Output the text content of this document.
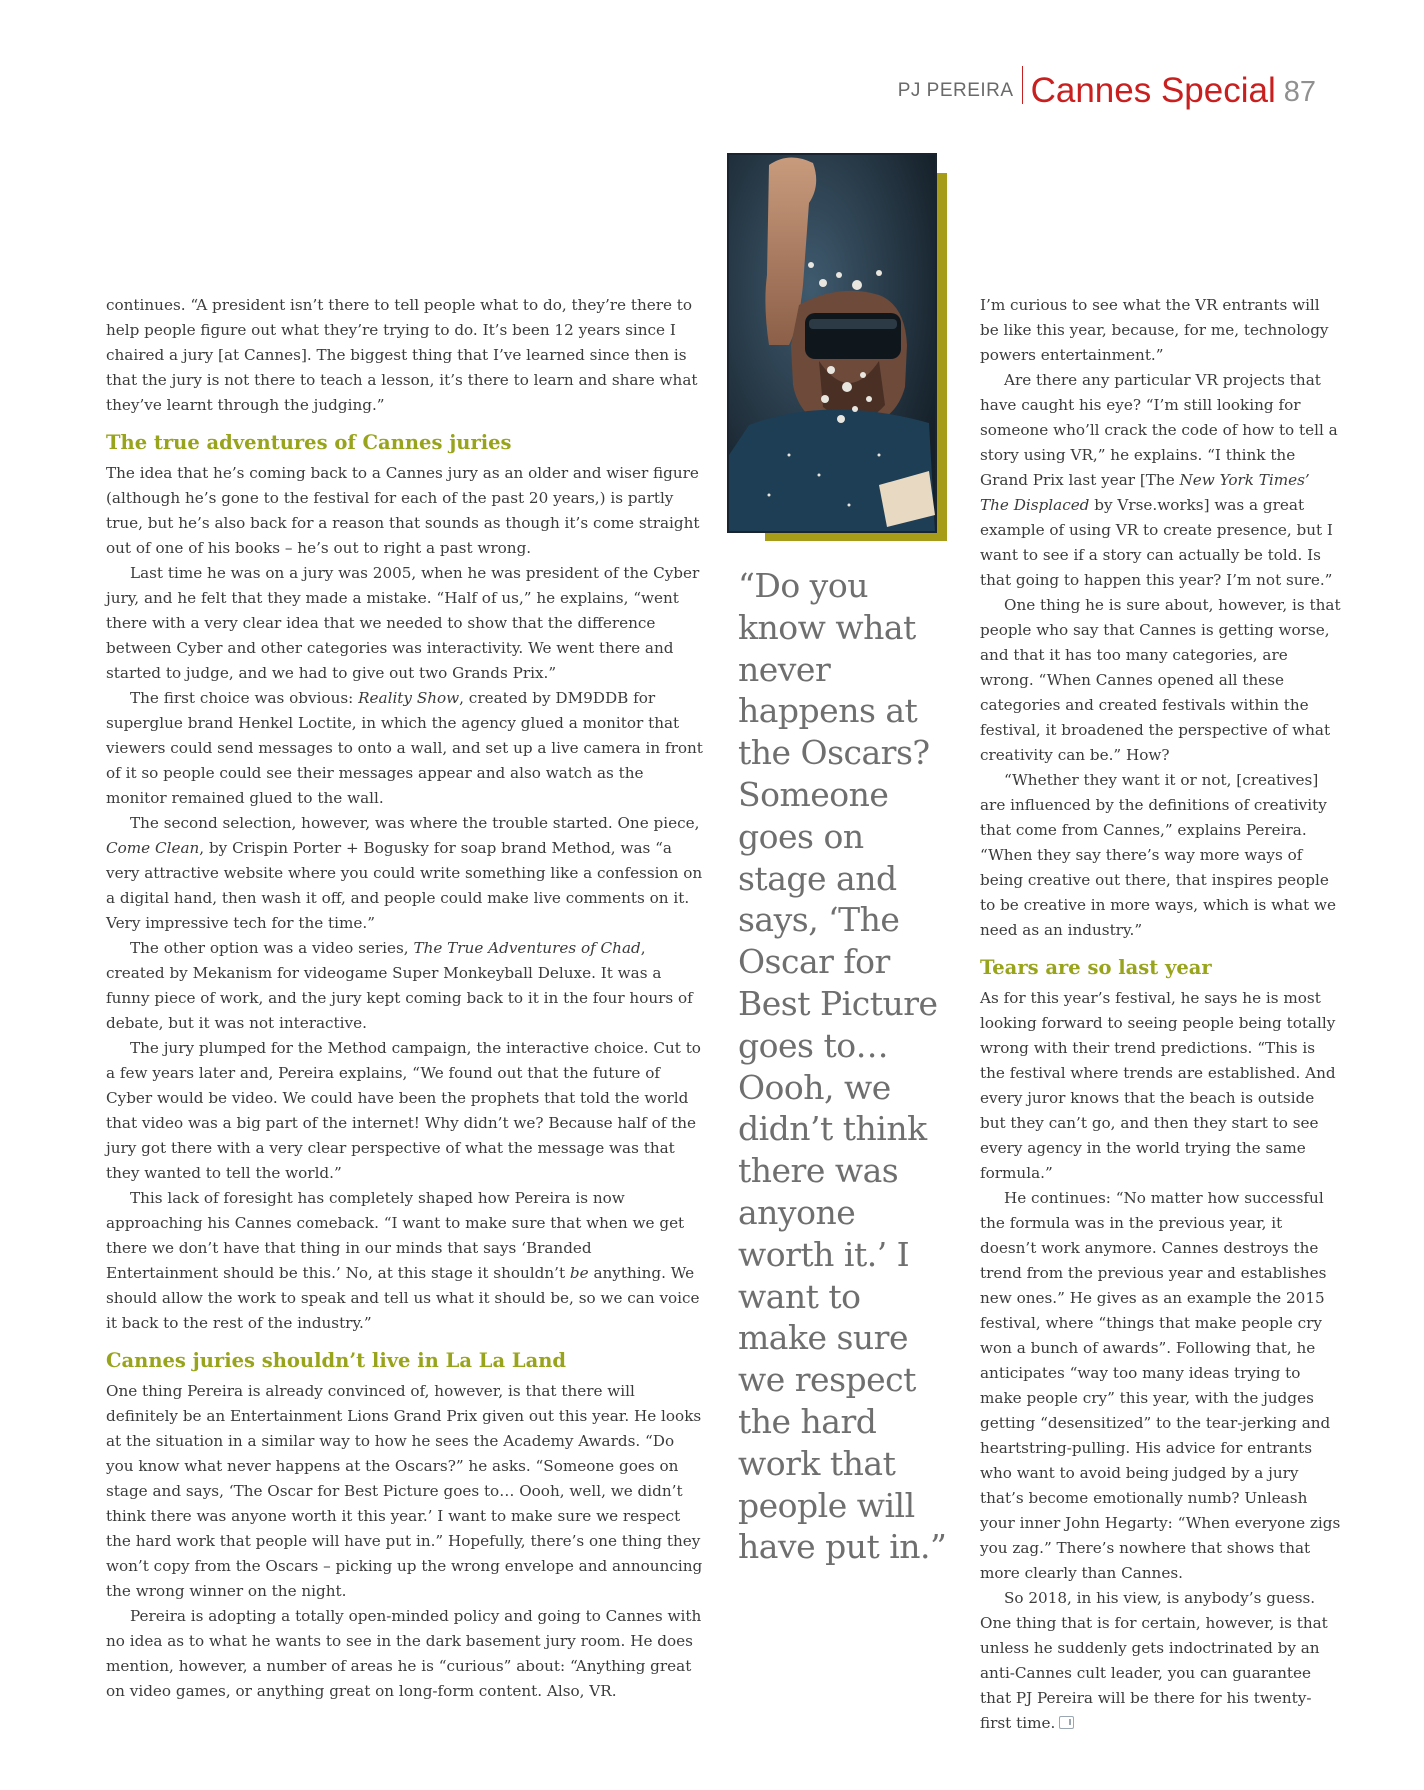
PJ PEREIRA Cannes Special 87

continues. “A president isn’t there to tell people what to do, they’re there to help people figure out what they’re trying to do. It’s been 12 years since I chaired a jury [at Cannes]. The biggest thing that I’ve learned since then is that the jury is not there to teach a lesson, it’s there to learn and share what they’ve learnt through the judging.”

The true adventures of Cannes juries

The idea that he’s coming back to a Cannes jury as an older and wiser figure (although he’s gone to the festival for each of the past 20 years,) is partly true, but he’s also back for a reason that sounds as though it’s come straight out of one of his books – he’s out to right a past wrong.

Last time he was on a jury was 2005, when he was president of the Cyber jury, and he felt that they made a mistake. “Half of us,” he explains, “went there with a very clear idea that we needed to show that the difference between Cyber and other categories was interactivity. We went there and started to judge, and we had to give out two Grands Prix.”

The first choice was obvious: Reality Show, created by DM9DDB for superglue brand Henkel Loctite, in which the agency glued a monitor that viewers could send messages to onto a wall, and set up a live camera in front of it so people could see their messages appear and also watch as the monitor remained glued to the wall.

The second selection, however, was where the trouble started. One piece, Come Clean, by Crispin Porter + Bogusky for soap brand Method, was “a very attractive website where you could write something like a confession on a digital hand, then wash it off, and people could make live comments on it. Very impressive tech for the time.”

The other option was a video series, The True Adventures of Chad, created by Mekanism for videogame Super Monkeyball Deluxe. It was a funny piece of work, and the jury kept coming back to it in the four hours of debate, but it was not interactive.

The jury plumped for the Method campaign, the interactive choice. Cut to a few years later and, Pereira explains, “We found out that the future of Cyber would be video. We could have been the prophets that told the world that video was a big part of the internet! Why didn’t we? Because half of the jury got there with a very clear perspective of what the message was that they wanted to tell the world.”

This lack of foresight has completely shaped how Pereira is now approaching his Cannes comeback. “I want to make sure that when we get there we don’t have that thing in our minds that says ‘Branded Entertainment should be this.’ No, at this stage it shouldn’t be anything. We should allow the work to speak and tell us what it should be, so we can voice it back to the rest of the industry.”

Cannes juries shouldn’t live in La La Land

One thing Pereira is already convinced of, however, is that there will definitely be an Entertainment Lions Grand Prix given out this year. He looks at the situation in a similar way to how he sees the Academy Awards. “Do you know what never happens at the Oscars?” he asks. “Someone goes on stage and says, ‘The Oscar for Best Picture goes to… Oooh, well, we didn’t think there was anyone worth it this year.’ I want to make sure we respect the hard work that people will have put in.” Hopefully, there’s one thing they won’t copy from the Oscars – picking up the wrong envelope and announcing the wrong winner on the night.

Pereira is adopting a totally open-minded policy and going to Cannes with no idea as to what he wants to see in the dark basement jury room. He does mention, however, a number of areas he is “curious” about: “Anything great on video games, or anything great on long-form content. Also, VR.

“Do you know what never happens at the Oscars? Someone goes on stage and says, ‘The Oscar for Best Picture goes to… Oooh, we didn’t think there was anyone worth it.’ I want to make sure we respect the hard work that people will have put in.”

I’m curious to see what the VR entrants will be like this year, because, for me, technology powers entertainment.”

Are there any particular VR projects that have caught his eye? “I’m still looking for someone who’ll crack the code of how to tell a story using VR,” he explains. “I think the Grand Prix last year [The New York Times’ The Displaced by Vrse.works] was a great example of using VR to create presence, but I want to see if a story can actually be told. Is that going to happen this year? I’m not sure.”

One thing he is sure about, however, is that people who say that Cannes is getting worse, and that it has too many categories, are wrong. “When Cannes opened all these categories and created festivals within the festival, it broadened the perspective of what creativity can be.” How?

“Whether they want it or not, [creatives] are influenced by the definitions of creativity that come from Cannes,” explains Pereira. “When they say there’s way more ways of being creative out there, that inspires people to be creative in more ways, which is what we need as an industry.”

Tears are so last year

As for this year’s festival, he says he is most looking forward to seeing people being totally wrong with their trend predictions. “This is the festival where trends are established. And every juror knows that the beach is outside but they can’t go, and then they start to see every agency in the world trying the same formula.”

He continues: “No matter how successful the formula was in the previous year, it doesn’t work anymore. Cannes destroys the trend from the previous year and establishes new ones.” He gives as an example the 2015 festival, where “things that make people cry won a bunch of awards”. Following that, he anticipates “way too many ideas trying to make people cry” this year, with the judges getting “desensitized” to the tear-jerking and heartstring-pulling. His advice for entrants who want to avoid being judged by a jury that’s become emotionally numb? Unleash your inner John Hegarty: “When everyone zigs you zag.” There’s nowhere that shows that more clearly than Cannes.

So 2018, in his view, is anybody’s guess. One thing that is for certain, however, is that unless he suddenly gets indoctrinated by an anti-Cannes cult leader, you can guarantee that PJ Pereira will be there for his twenty-first time.
